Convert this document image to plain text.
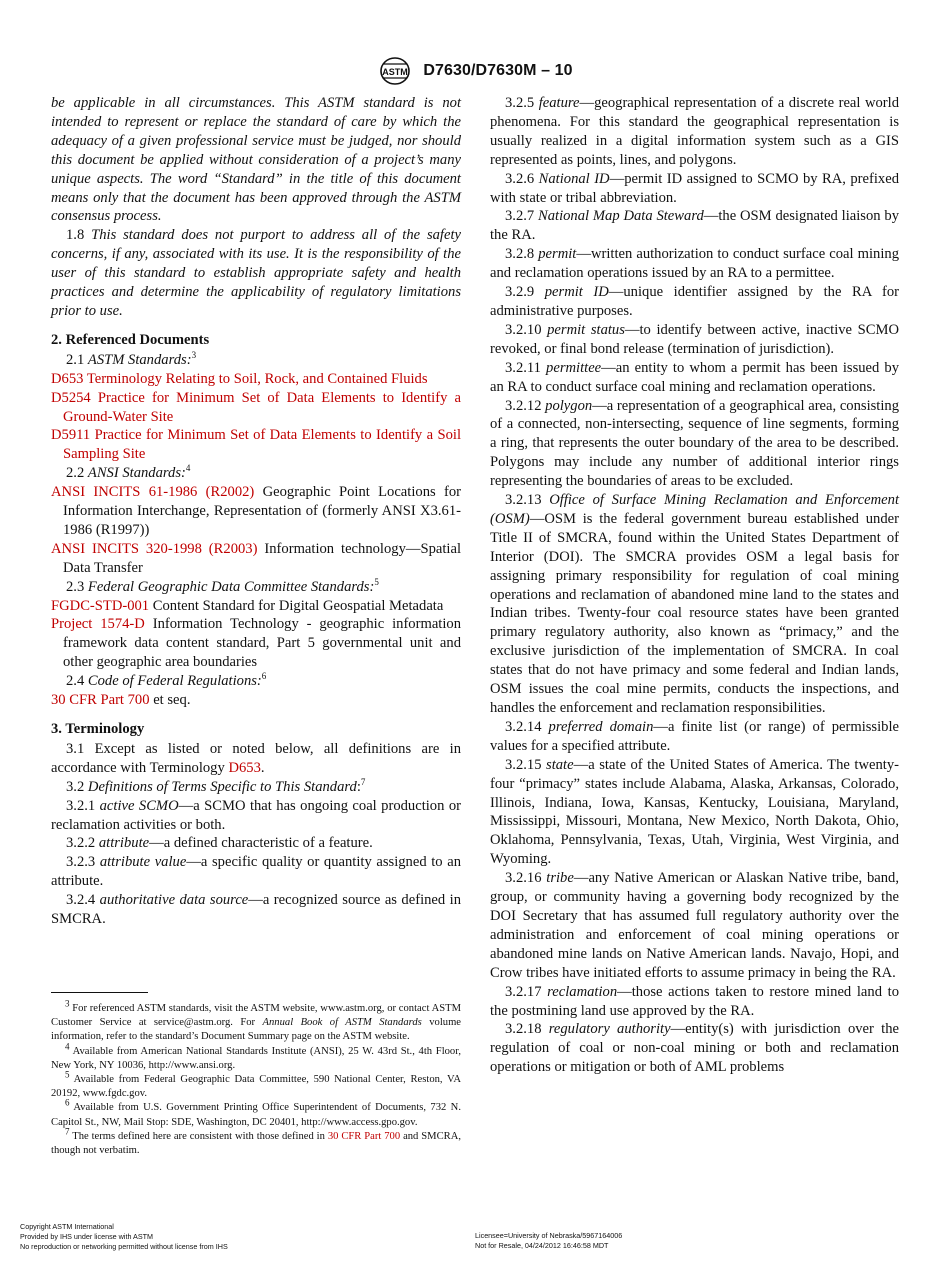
ASTM D7630/D7630M – 10

be applicable in all circumstances. This ASTM standard is not intended to represent or replace the standard of care by which the adequacy of a given professional service must be judged, nor should this document be applied without consideration of a project’s many unique aspects. The word “Standard” in the title of this document means only that the document has been approved through the ASTM consensus process.

1.8 This standard does not purport to address all of the safety concerns, if any, associated with its use. It is the responsibility of the user of this standard to establish appropriate safety and health practices and determine the applicability of regulatory limitations prior to use.

2. Referenced Documents

2.1 ASTM Standards:$^3$

D653 Terminology Relating to Soil, Rock, and Contained Fluids

D5254 Practice for Minimum Set of Data Elements to Identify a Ground-Water Site

D5911 Practice for Minimum Set of Data Elements to Identify a Soil Sampling Site

2.2 ANSI Standards:$^4$

ANSI INCITS 61-1986 (R2002) Geographic Point Locations for Information Interchange, Representation of (formerly ANSI X3.61-1986 (R1997))

ANSI INCITS 320-1998 (R2003) Information technology—Spatial Data Transfer

2.3 Federal Geographic Data Committee Standards:$^5$

FGDC-STD-001 Content Standard for Digital Geospatial Metadata

Project 1574-D Information Technology - geographic information framework data content standard, Part 5 governmental unit and other geographic area boundaries

2.4 Code of Federal Regulations:$^6$

30 CFR Part 700 et seq.

3. Terminology

3.1 Except as listed or noted below, all definitions are in accordance with Terminology D653.

3.2 Definitions of Terms Specific to This Standard:$^7$

3.2.1 active SCMO—a SCMO that has ongoing coal production or reclamation activities or both.

3.2.2 attribute—a defined characteristic of a feature.

3.2.3 attribute value—a specific quality or quantity assigned to an attribute.

3.2.4 authoritative data source—a recognized source as defined in SMCRA.

$^3$ For referenced ASTM standards, visit the ASTM website, www.astm.org, or contact ASTM Customer Service at service@astm.org. For Annual Book of ASTM Standards volume information, refer to the standard’s Document Summary page on the ASTM website.

$^4$ Available from American National Standards Institute (ANSI), 25 W. 43rd St., 4th Floor, New York, NY 10036, http://www.ansi.org.

$^5$ Available from Federal Geographic Data Committee, 590 National Center, Reston, VA 20192, www.fgdc.gov.

$^6$ Available from U.S. Government Printing Office Superintendent of Documents, 732 N. Capitol St., NW, Mail Stop: SDE, Washington, DC 20401, http://www.access.gpo.gov.

$^7$ The terms defined here are consistent with those defined in 30 CFR Part 700 and SMCRA, though not verbatim.

3.2.5 feature—geographical representation of a discrete real world phenomena. For this standard the geographical representation is usually realized in a digital information system such as a GIS represented as points, lines, and polygons.

3.2.6 National ID—permit ID assigned to SCMO by RA, prefixed with state or tribal abbreviation.

3.2.7 National Map Data Steward—the OSM designated liaison by the RA.

3.2.8 permit—written authorization to conduct surface coal mining and reclamation operations issued by an RA to a permittee.

3.2.9 permit ID—unique identifier assigned by the RA for administrative purposes.

3.2.10 permit status—to identify between active, inactive SCMO revoked, or final bond release (termination of jurisdiction).

3.2.11 permittee—an entity to whom a permit has been issued by an RA to conduct surface coal mining and reclamation operations.

3.2.12 polygon—a representation of a geographical area, consisting of a connected, non-intersecting, sequence of line segments, forming a ring, that represents the outer boundary of the area to be described. Polygons may include any number of additional interior rings representing the boundaries of areas to be excluded.

3.2.13 Office of Surface Mining Reclamation and Enforcement (OSM)—OSM is the federal government bureau established under Title II of SMCRA, found within the United States Department of Interior (DOI). The SMCRA provides OSM a legal basis for assigning primary responsibility for regulation of coal mining operations and reclamation of abandoned mine land to the states and Indian tribes. Twenty-four coal resource states have been granted primary regulatory authority, also known as “primacy,” and the exclusive jurisdiction of the implementation of SMCRA. In coal states that do not have primacy and some federal and Indian lands, OSM issues the coal mine permits, conducts the inspections, and handles the enforcement and reclamation responsibilities.

3.2.14 preferred domain—a finite list (or range) of permissible values for a specified attribute.

3.2.15 state—a state of the United States of America. The twenty-four “primacy” states include Alabama, Alaska, Arkansas, Colorado, Illinois, Indiana, Iowa, Kansas, Kentucky, Louisiana, Maryland, Mississippi, Missouri, Montana, New Mexico, North Dakota, Ohio, Oklahoma, Pennsylvania, Texas, Utah, Virginia, West Virginia, and Wyoming.

3.2.16 tribe—any Native American or Alaskan Native tribe, band, group, or community having a governing body recognized by the DOI Secretary that has assumed full regulatory authority over the administration and enforcement of coal mining operations or abandoned mine lands on Native American lands. Navajo, Hopi, and Crow tribes have initiated efforts to assume primacy in being the RA.

3.2.17 reclamation—those actions taken to restore mined land to the postmining land use approved by the RA.

3.2.18 regulatory authority—entity(s) with jurisdiction over the regulation of coal or non-coal mining or both and reclamation operations or mitigation or both of AML problems

Copyright ASTM International
Provided by IHS under license with ASTM
No reproduction or networking permitted without license from IHS
Licensee=University of Nebraska/5967164006
Not for Resale, 04/24/2012 16:46:58 MDT
